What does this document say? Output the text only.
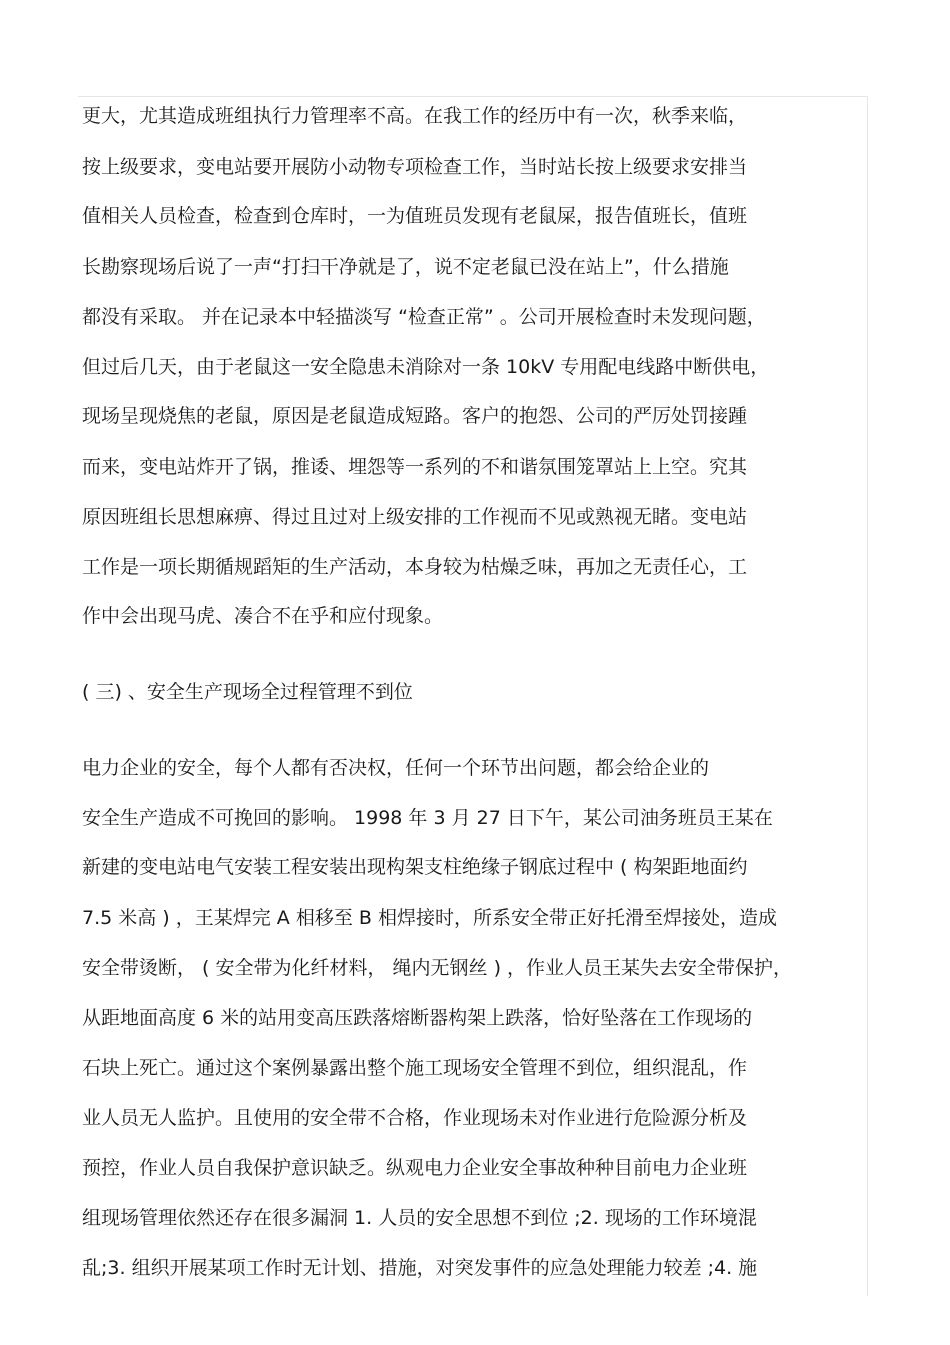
更大，尤其造成班组执行力管理率不高。在我工作的经历中有一次，秋季来临，
按上级要求，变电站要开展防小动物专项检查工作，当时站长按上级要求安排当
值相关人员检查，检查到仓库时，一为值班员发现有老鼠屎，报告值班长，值班
长勘察现场后说了一声“打扫干净就是了，说不定老鼠已没在站上”，什么措施
都没有采取。 并在记录本中轻描淡写 “检查正常” 。公司开展检查时未发现问题，
但过后几天，由于老鼠这一安全隐患未消除对一条 10kV 专用配电线路中断供电，
现场呈现烧焦的老鼠，原因是老鼠造成短路。客户的抱怨、公司的严厉处罚接踵
而来，变电站炸开了锅，推诿、埋怨等一系列的不和谐氛围笼罩站上上空。究其
原因班组长思想麻痹、得过且过对上级安排的工作视而不见或熟视无睹。变电站
工作是一项长期循规蹈矩的生产活动，本身较为枯燥乏味，再加之无责任心，工
作中会出现马虎、凑合不在乎和应付现象。
( 三) 、安全生产现场全过程管理不到位
电力企业的安全，每个人都有否决权，任何一个环节出问题，都会给企业的
安全生产造成不可挽回的影响。 1998 年 3 月 27 日下午，某公司油务班员王某在
新建的变电站电气安装工程安装出现构架支柱绝缘子钢底过程中 ( 构架距地面约
7.5 米高 ) ，王某焊完 A 相移至 B 相焊接时，所系安全带正好托滑至焊接处，造成
安全带烫断， ( 安全带为化纤材料， 绳内无钢丝 ) ，作业人员王某失去安全带保护，
从距地面高度 6 米的站用变高压跌落熔断器构架上跌落，恰好坠落在工作现场的
石块上死亡。通过这个案例暴露出整个施工现场安全管理不到位，组织混乱，作
业人员无人监护。且使用的安全带不合格，作业现场未对作业进行危险源分析及
预控，作业人员自我保护意识缺乏。纵观电力企业安全事故种种目前电力企业班
组现场管理依然还存在很多漏洞 1. 人员的安全思想不到位 ;2. 现场的工作环境混
乱;3. 组织开展某项工作时无计划、措施，对突发事件的应急处理能力较差 ;4. 施
